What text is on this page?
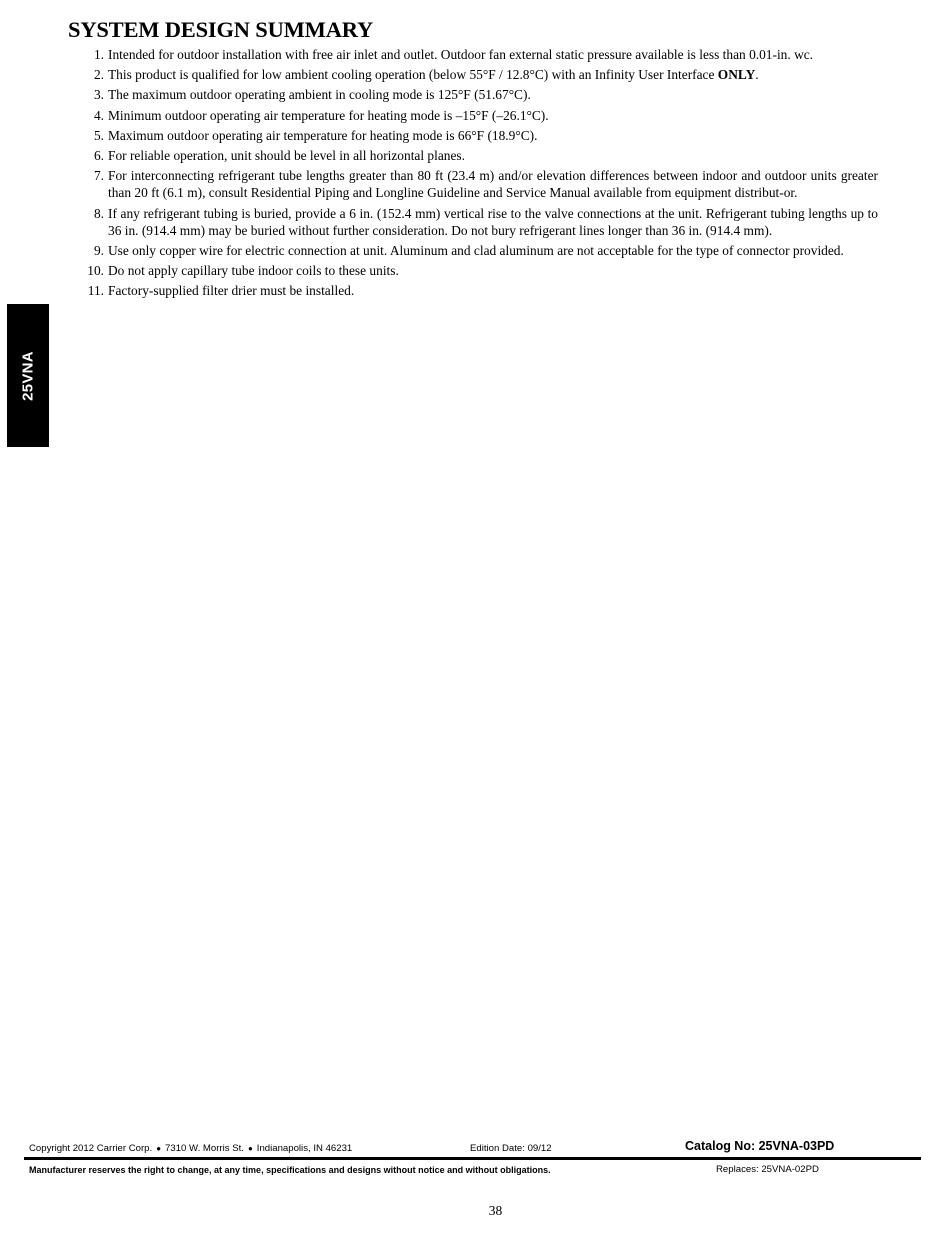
25VNA
SYSTEM DESIGN SUMMARY
1. Intended for outdoor installation with free air inlet and outlet. Outdoor fan external static pressure available is less than 0.01-in. wc.
2. This product is qualified for low ambient cooling operation (below 55°F / 12.8°C) with an Infinity User Interface ONLY.
3. The maximum outdoor operating ambient in cooling mode is 125°F (51.67°C).
4. Minimum outdoor operating air temperature for heating mode is –15°F (–26.1°C).
5. Maximum outdoor operating air temperature for heating mode is 66°F (18.9°C).
6. For reliable operation, unit should be level in all horizontal planes.
7. For interconnecting refrigerant tube lengths greater than 80 ft (23.4 m) and/or elevation differences between indoor and outdoor units greater than 20 ft (6.1 m), consult Residential Piping and Longline Guideline and Service Manual available from equipment distribut-or.
8. If any refrigerant tubing is buried, provide a 6 in. (152.4 mm) vertical rise to the valve connections at the unit. Refrigerant tubing lengths up to 36 in. (914.4 mm) may be buried without further consideration. Do not bury refrigerant lines longer than 36 in. (914.4 mm).
9. Use only copper wire for electric connection at unit. Aluminum and clad aluminum are not acceptable for the type of connector provided.
10. Do not apply capillary tube indoor coils to these units.
11. Factory-supplied filter drier must be installed.
Copyright 2012 Carrier Corp. ● 7310 W. Morris St. ● Indianapolis, IN 46231	Edition Date: 09/12	Catalog No: 25VNA-03PD
Manufacturer reserves the right to change, at any time, specifications and designs without notice and without obligations.	Replaces: 25VNA-02PD
38
